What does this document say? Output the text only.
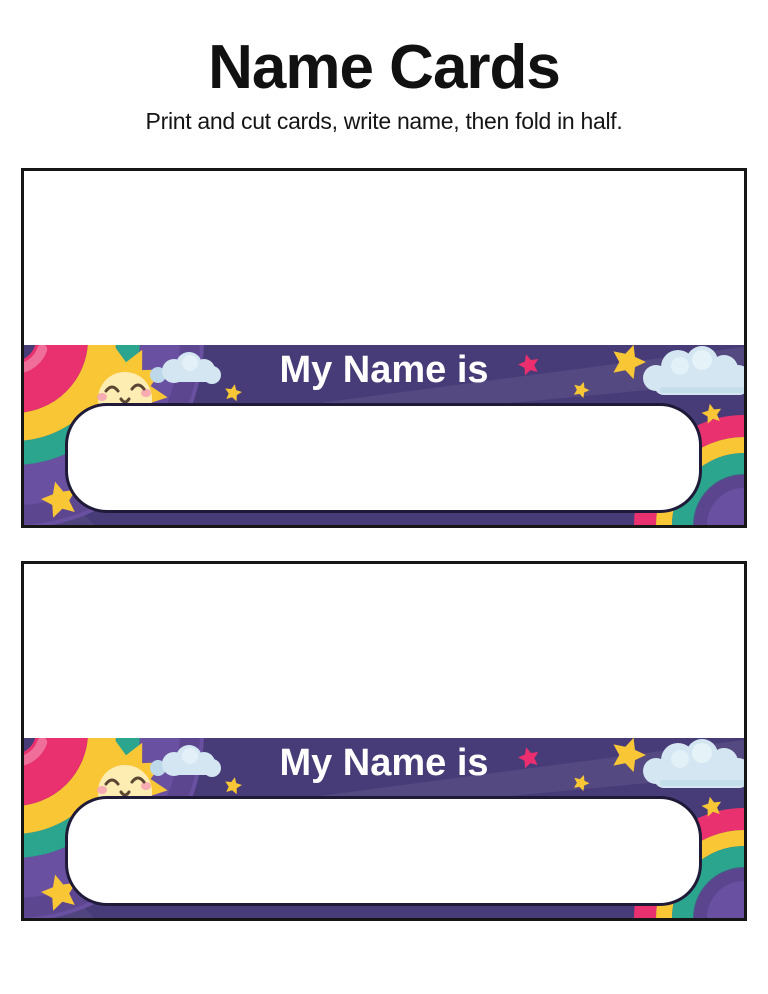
Name Cards

Print and cut cards, write name, then fold in half.

My Name is
My Name is
